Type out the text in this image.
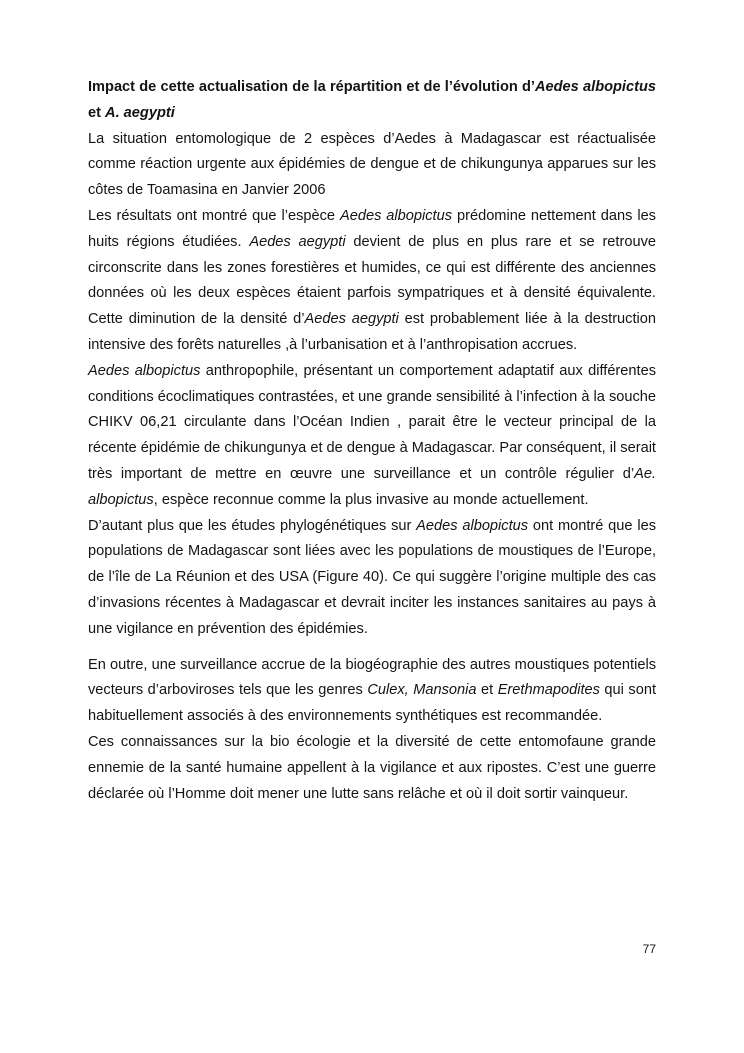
Impact de cette actualisation de la répartition et de l’évolution d’Aedes albopictus et A. aegypti

La situation entomologique de 2 espèces d’Aedes à Madagascar est réactualisée comme réaction urgente aux épidémies de dengue et de chikungunya apparues sur les côtes de Toamasina en Janvier 2006

Les résultats ont montré que l’espèce Aedes albopictus prédomine nettement dans les huits régions étudiées. Aedes aegypti devient de plus en plus rare et se retrouve circonscrite dans les zones forestières et humides, ce qui est différente des anciennes données où les deux espèces étaient parfois sympatriques et à densité équivalente. Cette diminution de la densité d’Aedes aegypti est probablement liée à la destruction intensive des forêts naturelles ,à l’urbanisation et à l’anthropisation accrues.

Aedes albopictus anthropophile, présentant un comportement adaptatif aux différentes conditions écoclimatiques contrastées, et une grande sensibilité à l’infection à la souche CHIKV 06,21 circulante dans l’Océan Indien , parait être le vecteur principal de la récente épidémie de chikungunya et de dengue à Madagascar. Par conséquent, il serait très important de mettre en œuvre une surveillance et un contrôle régulier d’Ae. albopictus, espèce reconnue comme la plus invasive au monde actuellement.

D’autant plus que les études phylogénétiques sur Aedes albopictus ont montré que les populations de Madagascar sont liées avec les populations de moustiques de l’Europe, de l’île de La Réunion et des USA (Figure 40). Ce qui suggère l’origine multiple des cas d’invasions récentes à Madagascar et devrait inciter les instances sanitaires au pays à une vigilance en prévention des épidémies.

En outre, une surveillance accrue de la biogéographie des autres moustiques potentiels vecteurs d’arboviroses tels que les genres Culex, Mansonia et Erethmapodites qui sont habituellement associés à des environnements synthétiques est recommandée.

Ces connaissances sur la bio écologie et la diversité de cette entomofaune grande ennemie de la santé humaine appellent à la vigilance et aux ripostes. C’est une guerre déclarée où l’Homme doit mener une lutte sans relâche et où il doit sortir vainqueur.

77
